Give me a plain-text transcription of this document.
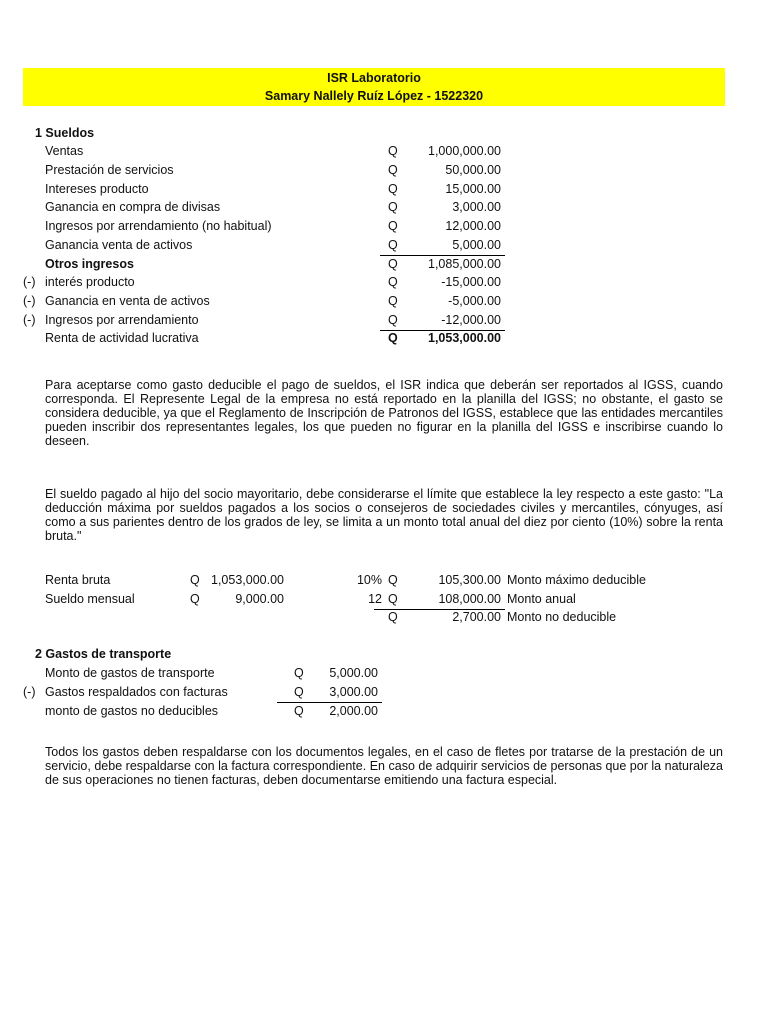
ISR Laboratorio
Samary Nallely Ruíz López - 1522320
1 Sueldos
Ventas	Q	1,000,000.00
Prestación de servicios	Q	50,000.00
Intereses producto	Q	15,000.00
Ganancia en compra de divisas	Q	3,000.00
Ingresos por arrendamiento (no habitual)	Q	12,000.00
Ganancia venta de activos	Q	5,000.00
Otros ingresos	Q	1,085,000.00
(-) interés producto	Q	-15,000.00
(-) Ganancia en venta de activos	Q	-5,000.00
(-) Ingresos por arrendamiento	Q	-12,000.00
Renta de actividad lucrativa	Q	1,053,000.00
Para aceptarse como gasto deducible el pago de sueldos, el ISR indica que deberán ser reportados al IGSS, cuando corresponda. El Represente Legal de la empresa no está reportado en la planilla del IGSS; no obstante, el gasto se considera deducible, ya que el Reglamento de Inscripción de Patronos del IGSS, establece que las entidades mercantiles pueden inscribir dos representantes legales, los que pueden no figurar en la planilla del IGSS e inscribirse cuando lo deseen.
El sueldo pagado al hijo del socio mayoritario, debe considerarse el límite que establece la ley respecto a este gasto: "La deducción máxima por sueldos pagados a los socios o consejeros de sociedades civiles y mercantiles, cónyuges, así como a sus parientes dentro de los grados de ley, se limita a un monto total anual del diez por ciento (10%) sobre la renta bruta."
Renta bruta	Q 1,053,000.00	10% Q	105,300.00 Monto máximo deducible
Sueldo mensual	Q	9,000.00	12 Q	108,000.00 Monto anual
Q	2,700.00 Monto no deducible
2 Gastos de transporte
Monto de gastos de transporte	Q	5,000.00
(-) Gastos respaldados con facturas	Q	3,000.00
monto de gastos no deducibles	Q	2,000.00
Todos los gastos deben respaldarse con los documentos legales, en el caso de fletes por tratarse de la prestación de un servicio, debe respaldarse con la factura correspondiente. En caso de adquirir servicios de personas que por la naturaleza de sus operaciones no tienen facturas, deben documentarse emitiendo una factura especial.
